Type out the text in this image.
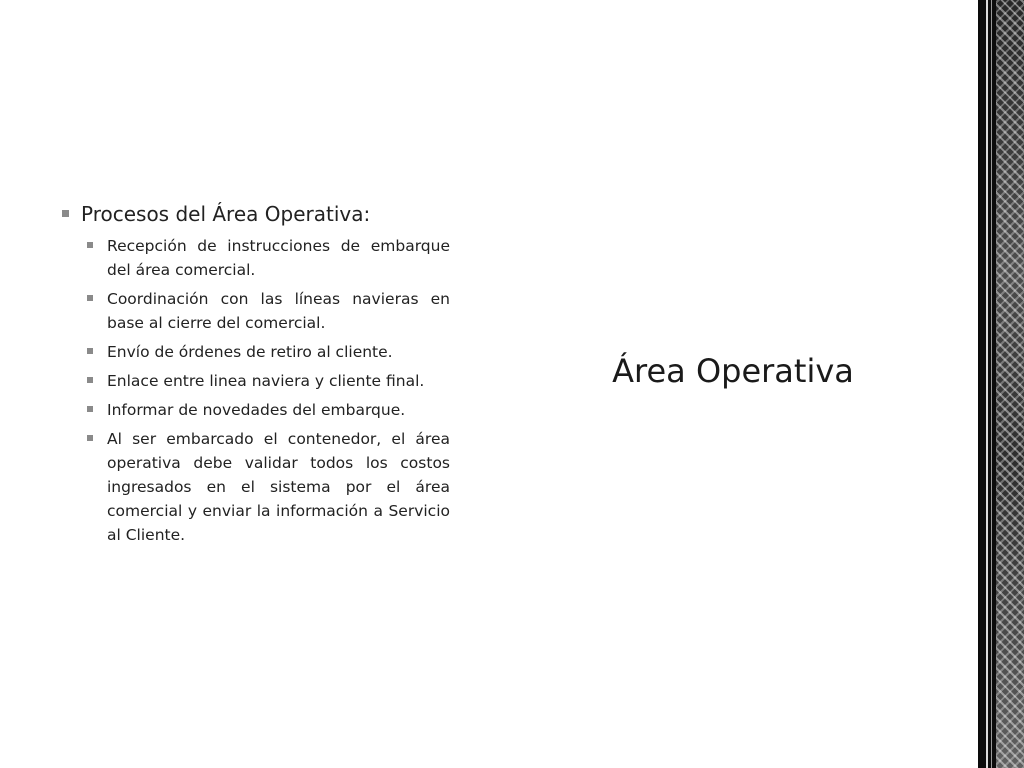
Procesos del Área Operativa:
Recepción de instrucciones de embarque del área comercial.
Coordinación con las líneas navieras en base al cierre del comercial.
Envío de órdenes de retiro al cliente.
Enlace entre linea naviera y cliente final.
Informar de novedades del embarque.
Al ser embarcado el contenedor, el área operativa debe validar todos los costos ingresados en el sistema por el área comercial y enviar la información a Servicio al Cliente.
Área Operativa
